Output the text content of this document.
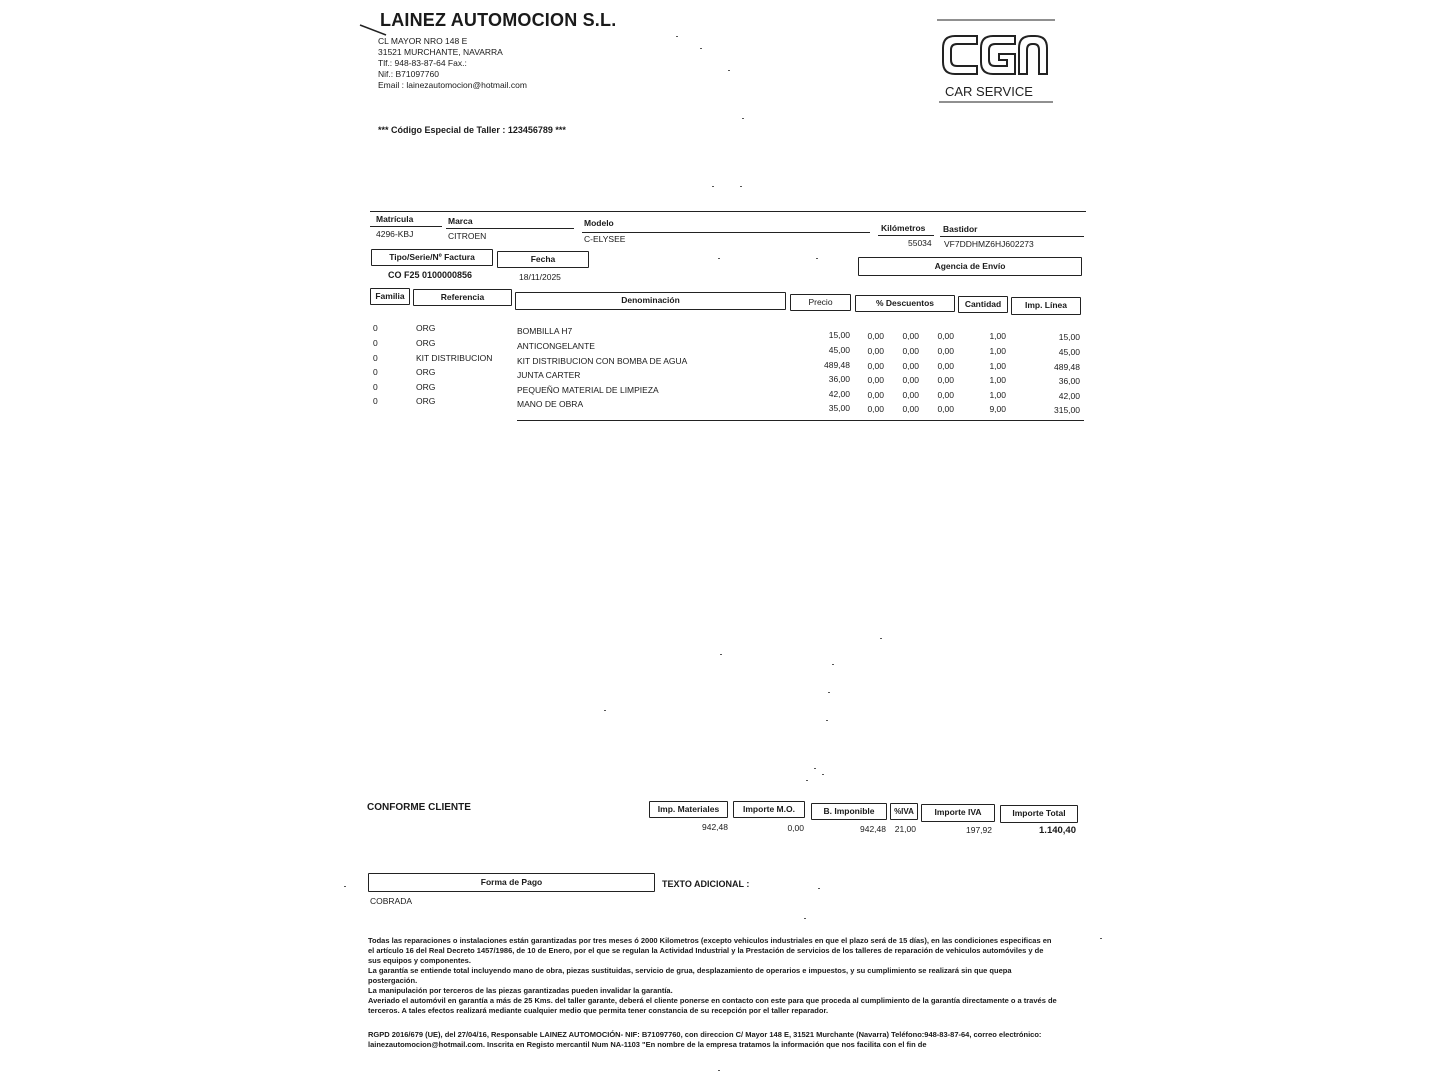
LAINEZ AUTOMOCION S.L.
CL MAYOR NRO 148 E
31521 MURCHANTE, NAVARRA
Tlf.: 948-83-87-64 Fax.:
Nif.: B71097760
Email : lainezautomocion@hotmail.com
*** Código Especial de Taller : 123456789 ***
CAR SERVICE
Matrícula	Marca	Modelo	Kilómetros Bastidor
4296-KBJ	CITROEN	C-ELYSEE	55034 VF7DDHMZ6HJ602273
Tipo/Serie/Nº Factura	Fecha
Agencia de Envío
CO F25 0100000856	18/11/2025
Familia	Referencia	Denominación	Precio	% Descuentos	Cantidad	Imp. Línea
0	ORG	BOMBILLA H7	15,00	0,00	0,00	0,00	1,00	15,00
0	ORG	ANTICONGELANTE	45,00	0,00	0,00	0,00	1,00	45,00
0	KIT DISTRIBUCION	KIT DISTRIBUCION CON BOMBA DE AGUA	489,48	0,00	0,00	0,00	1,00	489,48
0	ORG	JUNTA CARTER	36,00	0,00	0,00	0,00	1,00	36,00
0	ORG	PEQUEÑO MATERIAL DE LIMPIEZA	42,00	0,00	0,00	0,00	1,00	42,00
0	ORG	MANO DE OBRA	35,00	0,00	0,00	0,00	9,00	315,00
CONFORME CLIENTE	Imp. Materiales	Importe M.O.	B. Imponible	%IVA	Importe IVA	Importe Total
942,48	0,00	942,48	21,00	197,92	1.140,40
Forma de Pago	TEXTO ADICIONAL :
COBRADA
Todas las reparaciones o instalaciones están garantizadas por tres meses ó 2000 Kilometros (excepto vehiculos industriales en que el plazo será de 15 días), en las condiciones especificas en el artículo 16 del Real Decreto 1457/1986, de 10 de Enero, por el que se regulan la Actividad Industrial y la Prestación de servicios de los talleres de reparación de vehiculos automóviles y de sus equipos y componentes.
La garantía se entiende total incluyendo mano de obra, piezas sustituidas, servicio de grua, desplazamiento de operarios e impuestos, y su cumplimiento se realizará sin que quepa postergación.
La manipulación por terceros de las piezas garantizadas pueden invalidar la garantía.
Averiado el automóvil en garantía a más de 25 Kms. del taller garante, deberá el cliente ponerse en contacto con este para que proceda al cumplimiento de la garantía directamente o a través de terceros. A tales efectos realizará mediante cualquier medio que permita tener constancia de su recepción por el taller reparador.
RGPD 2016/679 (UE), del 27/04/16, Responsable LAINEZ AUTOMOCIÓN- NIF: B71097760, con direccion C/ Mayor 148 E, 31521 Murchante (Navarra) Teléfono:948-83-87-64, correo electrónico: lainezautomocion@hotmail.com. Inscrita en Registo mercantil Num NA-1103 "En nombre de la empresa tratamos la información que nos facilita con el fin de
